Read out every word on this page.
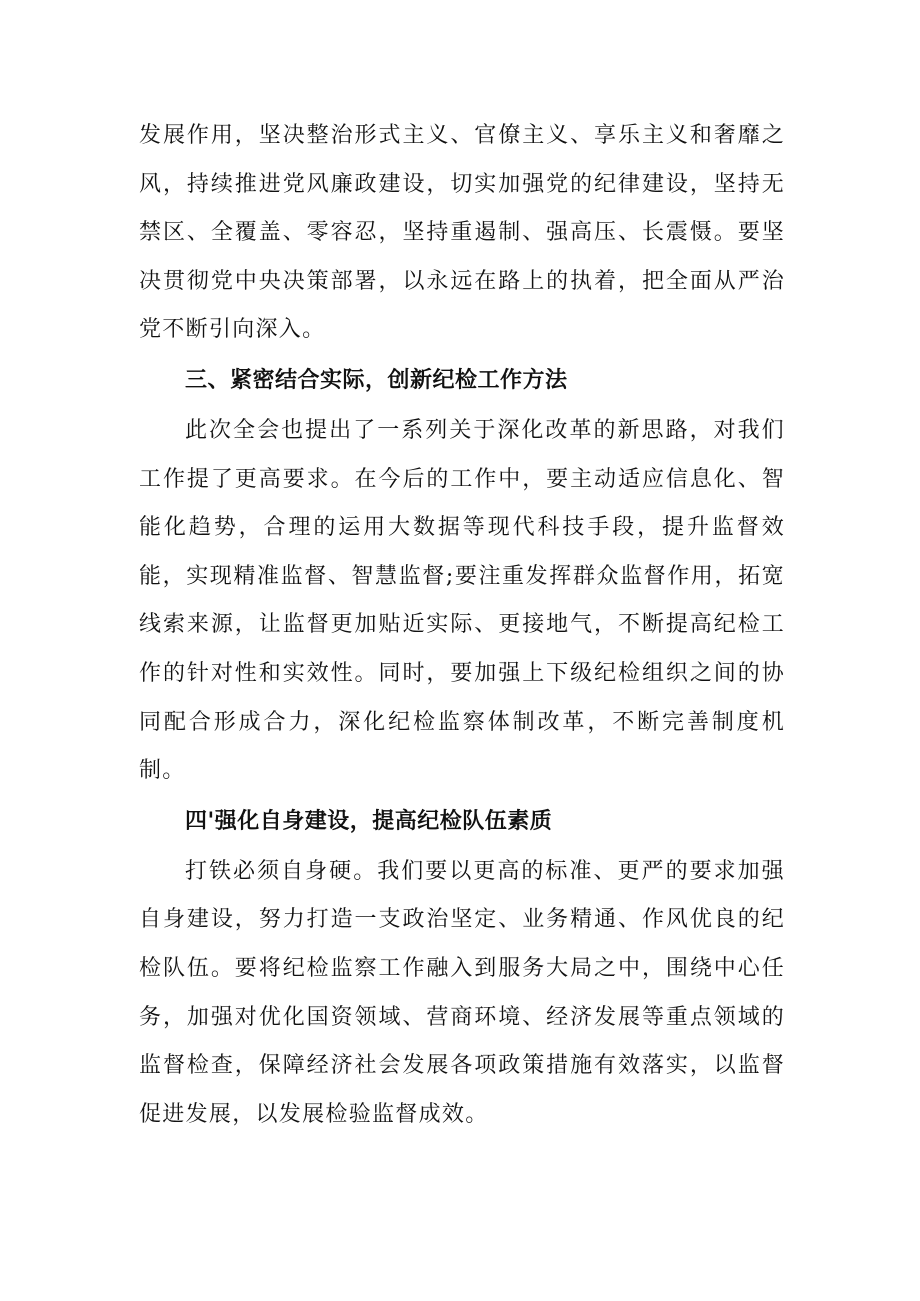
发展作用，坚决整治形式主义、官僚主义、享乐主义和奢靡之风，持续推进党风廉政建设，切实加强党的纪律建设，坚持无禁区、全覆盖、零容忍，坚持重遏制、强高压、长震慑。要坚决贯彻党中央决策部署，以永远在路上的执着，把全面从严治党不断引向深入。

三、紧密结合实际，创新纪检工作方法

此次全会也提出了一系列关于深化改革的新思路，对我们工作提了更高要求。在今后的工作中，要主动适应信息化、智能化趋势，合理的运用大数据等现代科技手段，提升监督效能，实现精准监督、智慧监督;要注重发挥群众监督作用，拓宽线索来源，让监督更加贴近实际、更接地气，不断提高纪检工作的针对性和实效性。同时，要加强上下级纪检组织之间的协同配合形成合力，深化纪检监察体制改革，不断完善制度机制。

四'强化自身建设，提高纪检队伍素质

打铁必须自身硬。我们要以更高的标准、更严的要求加强自身建设，努力打造一支政治坚定、业务精通、作风优良的纪检队伍。要将纪检监察工作融入到服务大局之中，围绕中心任务，加强对优化国资领域、营商环境、经济发展等重点领域的监督检查，保障经济社会发展各项政策措施有效落实，以监督促进发展，以发展检验监督成效。
